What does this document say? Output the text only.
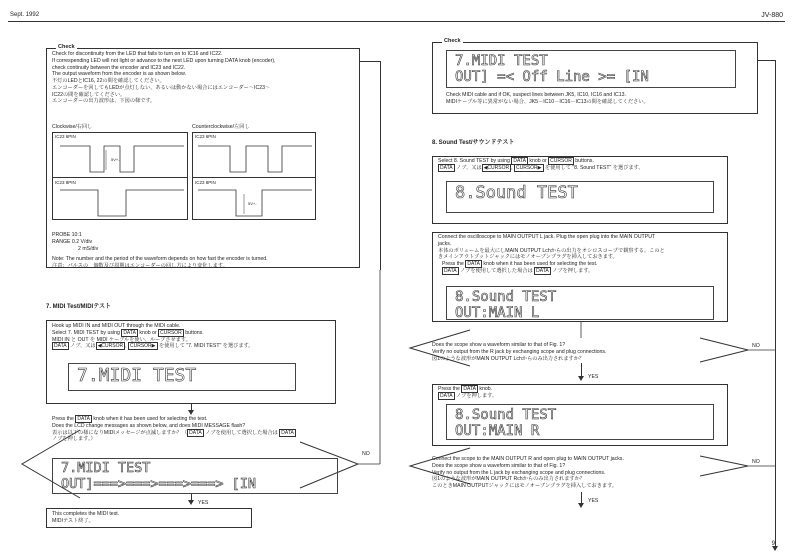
Sept. 1992	JV-880
Check
Check for discontinuity from the LED that fails to turn on to IC16 and IC22.
If correspending LED will not light or advance to the next LED upon turning DATA knob (encoder),
check continuity between the encoder and IC23 and IC22.
The output waveform from the encoder is as shown below.
不灯のLEDとIC16, 22の間を確認してください。
エンコーダーを回してもLEDが点灯しない、あるいは動かない場合にはエンコーダー～IC23～
IC22の間を確認してください。
エンコーダーの出力波形は、下図の様です。
Clockwise/右回し	Counterclockwise/左回し
IC23 6PIN
IC23 8PIN
IC23 6PIN
IC23 8PIN
5V+-
5V+-
PROBE 10:1
RANGE 0.2 V/div
2 mS/div
Note: The number and the period of the waveform depends on how fast the encoder is turned.
注意：パルスの　個数及び周期はエンコーダーの回し方により変化します。
7. MIDI Test/MIDIテスト
Hook up MIDI IN and MIDI OUT through the MIDI cable.
Select 7. MIDI TEST by using DATA knob or CURSOR buttons.
MIDI IN と OUT を MIDI ケーブルを使い、ループさせます。
DATA ノブ、又は ◀CURSOR , CURSOR▶ を使用して "7. MIDI TEST" を選びます。
7.MIDI TEST
Press the DATA knob when it has been used for selecting the test.
Does the LCD change messages as shown below, and does MIDI MESSAGE flash?
表示は以下の様になりMIDIメッセージが点滅しますか？（ DATA ノブを使用して選択した場合は DATA
ノブを押します。）
7.MIDI TEST
OUT]===>===>===>===> [IN
NO
YES
This completes the MIDI test.
MIDIテスト終了。
Check
7.MIDI TEST
OUT] =< Off Line >= [IN
Check MIDI cable and if OK, suspect lines between JK5, IC10, IC16 and IC13.
MIDIケーブル等に異常がない場合、JK5－IC10－IC16－IC13の間を確認してください。
8. Sound Test/サウンドテスト
Select 8. Sound TEST by using DATA knob or CURSOR buttons.
DATA ノブ、又は ◀CURSOR , CURSOR▶ を使用して "8. Sound TEST" を選びます。
8.Sound TEST
Connect the oscilloscope to MAIN OUTPUT L jack. Plug the open plug into the MAIN OUTPUT
jacks.
本体のボリュームを最大にしMAIN OUTPUT Lchからの出力をオシロスコープで観察する。このと
きメインアウトプットジャックにはモノオーブンプラグを挿入しておきます。
Press the DATA knob when it has been used for selecting the test.
DATA ノブを使用して選択した場合は DATA ノブを押します。
8.Sound TEST
OUT:MAIN L
Does the scope show a waveform similar to that of Fig. 1?
Verify no output from the R jack by exchanging scope and plug connections.
図1のような波形がMAIN OUTPUT Lchからのみ出力されますか？
NO
YES
Press the DATA knob.
DATA ノブを押します。
8.Sound TEST
OUT:MAIN R
Connect the scope to the MAIN OUTPUT R and open plug to MAIN OUTPUT jacks.
Does the scope show a waveform similar to that of Fig. 1?
Verify no output from the L jack by exchanging scope and plug connections.
図1のような波形がMAIN OUTPUT Rchからのみ出力されますか？
このときMAIN OUTPUTジャックにはモノオーブンプラグを挿入しておきます。
NO
YES
9
